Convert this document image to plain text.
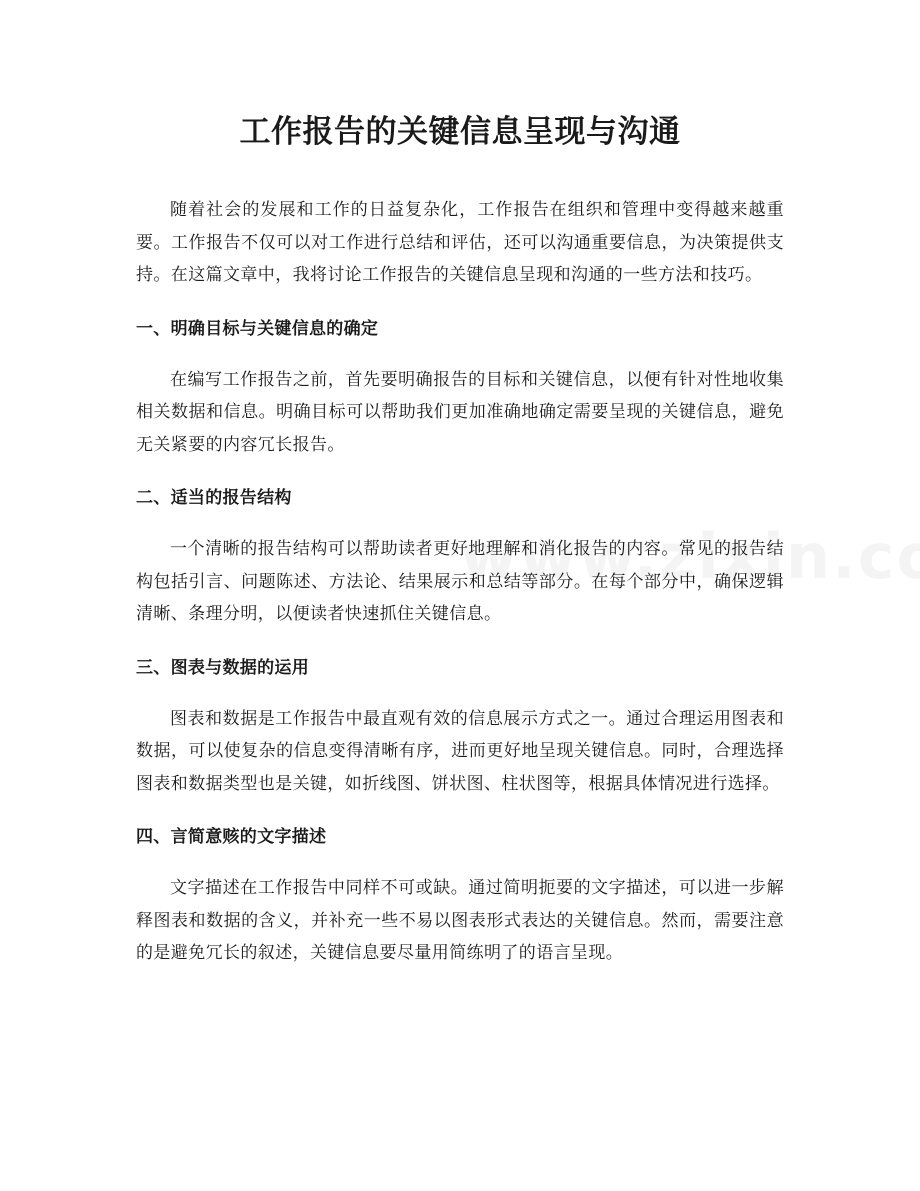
工作报告的关键信息呈现与沟通

随着社会的发展和工作的日益复杂化，工作报告在组织和管理中变得越来越重要。工作报告不仅可以对工作进行总结和评估，还可以沟通重要信息，为决策提供支持。在这篇文章中，我将讨论工作报告的关键信息呈现和沟通的一些方法和技巧。

一、明确目标与关键信息的确定

在编写工作报告之前，首先要明确报告的目标和关键信息，以便有针对性地收集相关数据和信息。明确目标可以帮助我们更加准确地确定需要呈现的关键信息，避免无关紧要的内容冗长报告。

二、适当的报告结构

一个清晰的报告结构可以帮助读者更好地理解和消化报告的内容。常见的报告结构包括引言、问题陈述、方法论、结果展示和总结等部分。在每个部分中，确保逻辑清晰、条理分明，以便读者快速抓住关键信息。

三、图表与数据的运用

图表和数据是工作报告中最直观有效的信息展示方式之一。通过合理运用图表和数据，可以使复杂的信息变得清晰有序，进而更好地呈现关键信息。同时，合理选择图表和数据类型也是关键，如折线图、饼状图、柱状图等，根据具体情况进行选择。

四、言简意赅的文字描述

文字描述在工作报告中同样不可或缺。通过简明扼要的文字描述，可以进一步解释图表和数据的含义，并补充一些不易以图表形式表达的关键信息。然而，需要注意的是避免冗长的叙述，关键信息要尽量用简练明了的语言呈现。
